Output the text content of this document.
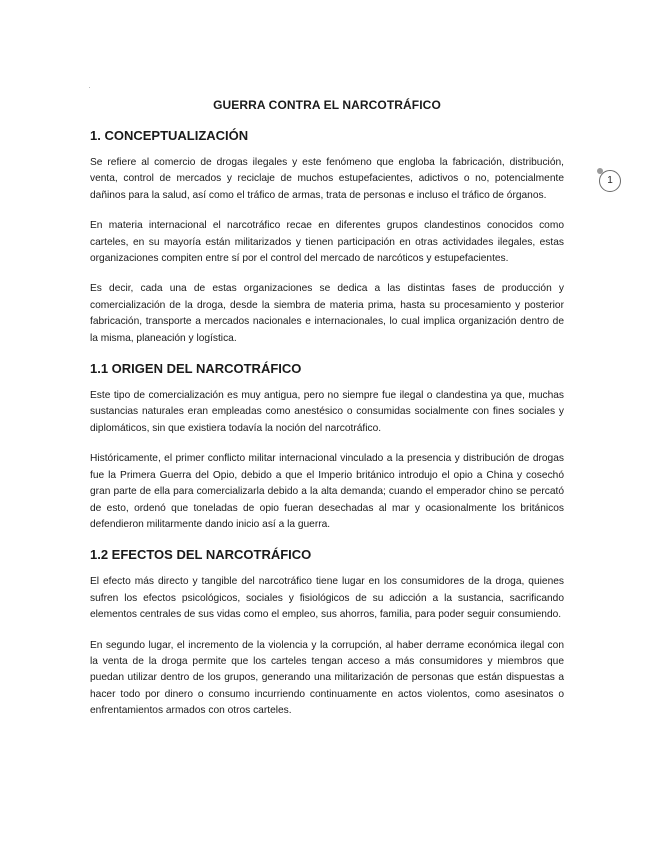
GUERRA CONTRA EL NARCOTRÁFICO
1. CONCEPTUALIZACIÓN

Se refiere al comercio de drogas ilegales y este fenómeno que engloba la fabricación, distribución, venta, control de mercados y reciclaje de muchos estupefacientes, adictivos o no, potencialmente dañinos para la salud, así como el tráfico de armas, trata de personas e incluso el tráfico de órganos.

En materia internacional el narcotráfico recae en diferentes grupos clandestinos conocidos como carteles, en su mayoría están militarizados y tienen participación en otras actividades ilegales, estas organizaciones compiten entre sí por el control del mercado de narcóticos y estupefacientes.

Es decir, cada una de estas organizaciones se dedica a las distintas fases de producción y comercialización de la droga, desde la siembra de materia prima, hasta su procesamiento y posterior fabricación, transporte a mercados nacionales e internacionales, lo cual implica organización dentro de la misma, planeación y logística.

1.1 ORIGEN DEL NARCOTRÁFICO

Este tipo de comercialización es muy antigua, pero no siempre fue ilegal o clandestina ya que, muchas sustancias naturales eran empleadas como anestésico o consumidas socialmente con fines sociales y diplomáticos, sin que existiera todavía la noción del narcotráfico.

Históricamente, el primer conflicto militar internacional vinculado a la presencia y distribución de drogas fue la Primera Guerra del Opio, debido a que el Imperio británico introdujo el opio a China y cosechó gran parte de ella para comercializarla debido a la alta demanda; cuando el emperador chino se percató de esto, ordenó que toneladas de opio fueran desechadas al mar y ocasionalmente los británicos defendieron militarmente dando inicio así a la guerra.

1.2 EFECTOS DEL NARCOTRÁFICO

El efecto más directo y tangible del narcotráfico tiene lugar en los consumidores de la droga, quienes sufren los efectos psicológicos, sociales y fisiológicos de su adicción a la sustancia, sacrificando elementos centrales de sus vidas como el empleo, sus ahorros, familia, para poder seguir consumiendo.

En segundo lugar, el incremento de la violencia y la corrupción, al haber derrame económica ilegal con la venta de la droga permite que los carteles tengan acceso a más consumidores y miembros que puedan utilizar dentro de los grupos, generando una militarización de personas que están dispuestas a hacer todo por dinero o consumo incurriendo continuamente en actos violentos, como asesinatos o enfrentamientos armados con otros carteles.

1
